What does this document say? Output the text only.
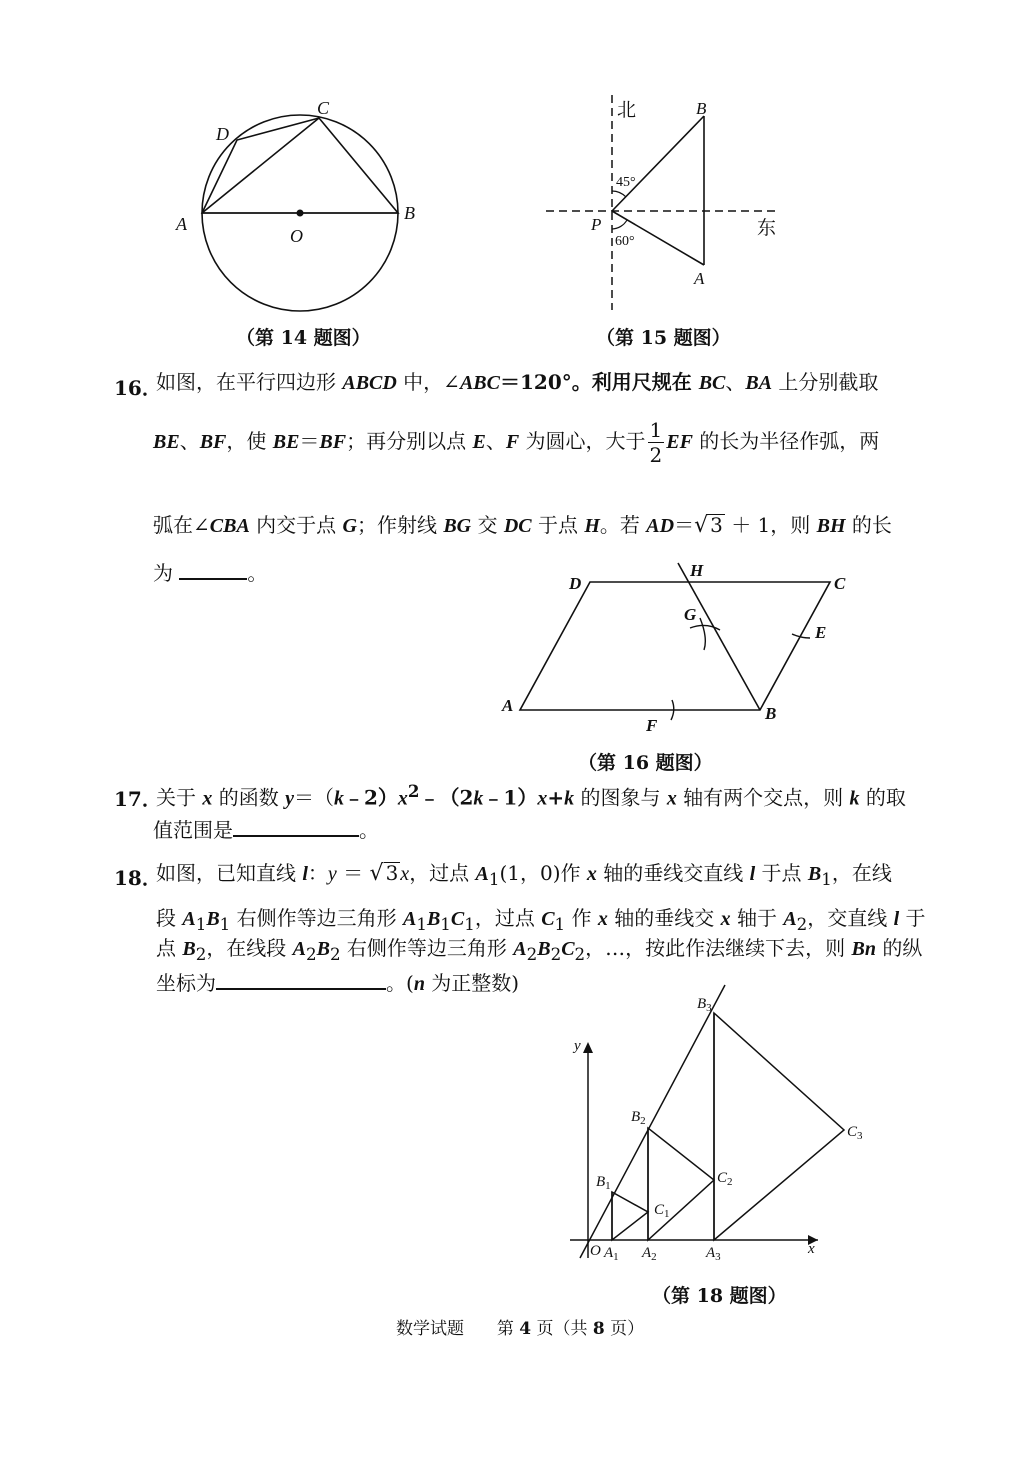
A
B
C
D
O
（第 14 题图）
北
东
P
B
A
45°
60°
（第 15 题图）
16．
如图，在平行四边形 ABCD 中，∠ABC＝120°。利用尺规在 BC、BA 上分别截取
BE、BF，使 BE＝BF；再分别以点 E、F 为圆心，大于 $\frac{1}{2}$ EF 的长为半径作弧，两
弧在∠CBA 内交于点 G；作射线 BG 交 DC 于点 H。若 AD＝√ 3 ＋ 1，则 BH 的长
为	。
A	B
C
D
E
F
G
H
（第 16 题图）
17．
关于 x 的函数 $y=(k﹣2)x^2﹣(2k﹣1)x+k$ 的图象与 x 轴有两个交点，则 k 的取
值范围是	。
18．
如图，已知直线 l：y ＝ √ 3 x，过点 $A_1(1$，0)作 x 轴的垂线交直线 l 于点 $B_1$，在线
段 $A_1B_1$ 右侧作等边三角形 $A_1B_1C_1$，过点 $C_1$ 作 x 轴的垂线交 x 轴于 $A_2$，交直线 l 于
点 $B_2$，在线段 $A_2B_2$ 右侧作等边三角形 $A_2B_2C_2$，…，按此作法继续下去，则 Bn 的纵
坐标为	。(n 为正整数)
y
x
O $A_1$ $A_2$	$A_3$
$B_1$
$B_2$
$B_3$
$C_1$
$C_2$
$C_3$
（第 18 题图）
数学试题 第 4 页（共 8 页）
